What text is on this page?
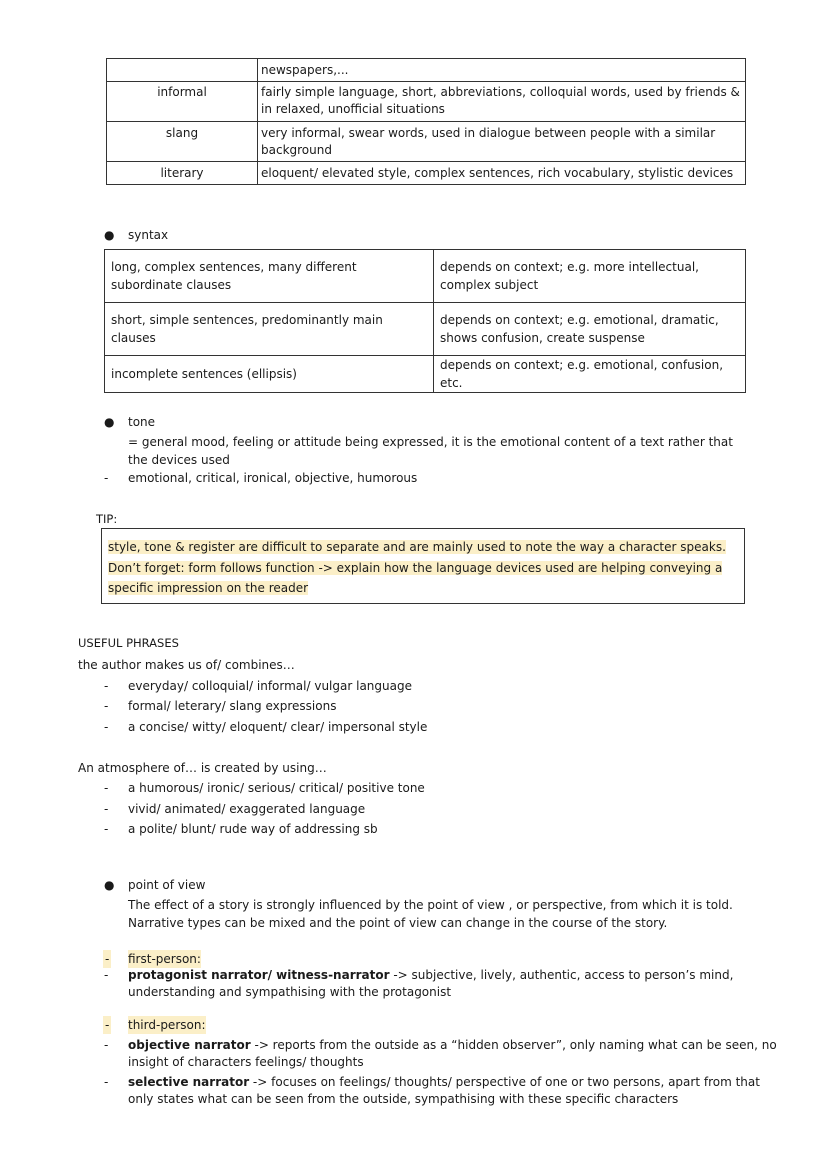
	newspapers,...
informal	fairly simple language, short, abbreviations, colloquial words, used by friends & in relaxed, unofficial situations
slang	very informal, swear words, used in dialogue between people with a similar background
literary	eloquent/ elevated style, complex sentences, rich vocabulary, stylistic devices
● syntax
long, complex sentences, many different subordinate clauses	depends on context; e.g. more intellectual, complex subject
short, simple sentences, predominantly main clauses	depends on context; e.g. emotional, dramatic, shows confusion, create suspense
incomplete sentences (ellipsis)	depends on context; e.g. emotional, confusion, etc.
● tone
= general mood, feeling or attitude being expressed, it is the emotional content of a text rather that the devices used
- emotional, critical, ironical, objective, humorous
TIP:
style, tone & register are difficult to separate and are mainly used to note the way a character speaks.
Don’t forget: form follows function -> explain how the language devices used are helping conveying a
specific impression on the reader
USEFUL PHRASES
the author makes us of/ combines…
- everyday/ colloquial/ informal/ vulgar language
- formal/ leterary/ slang expressions
- a concise/ witty/ eloquent/ clear/ impersonal style
An atmosphere of… is created by using…
- a humorous/ ironic/ serious/ critical/ positive tone
- vivid/ animated/ exaggerated language
- a polite/ blunt/ rude way of addressing sb
● point of view
The effect of a story is strongly influenced by the point of view , or perspective, from which it is told.
Narrative types can be mixed and the point of view can change in the course of the story.
- first-person:
- protagonist narrator/ witness-narrator -> subjective, lively, authentic, access to person’s mind,
understanding and sympathising with the protagonist
- third-person:
- objective narrator -> reports from the outside as a “hidden observer”, only naming what can be seen, no
insight of characters feelings/ thoughts
- selective narrator -> focuses on feelings/ thoughts/ perspective of one or two persons, apart from that
only states what can be seen from the outside, sympathising with these specific characters
